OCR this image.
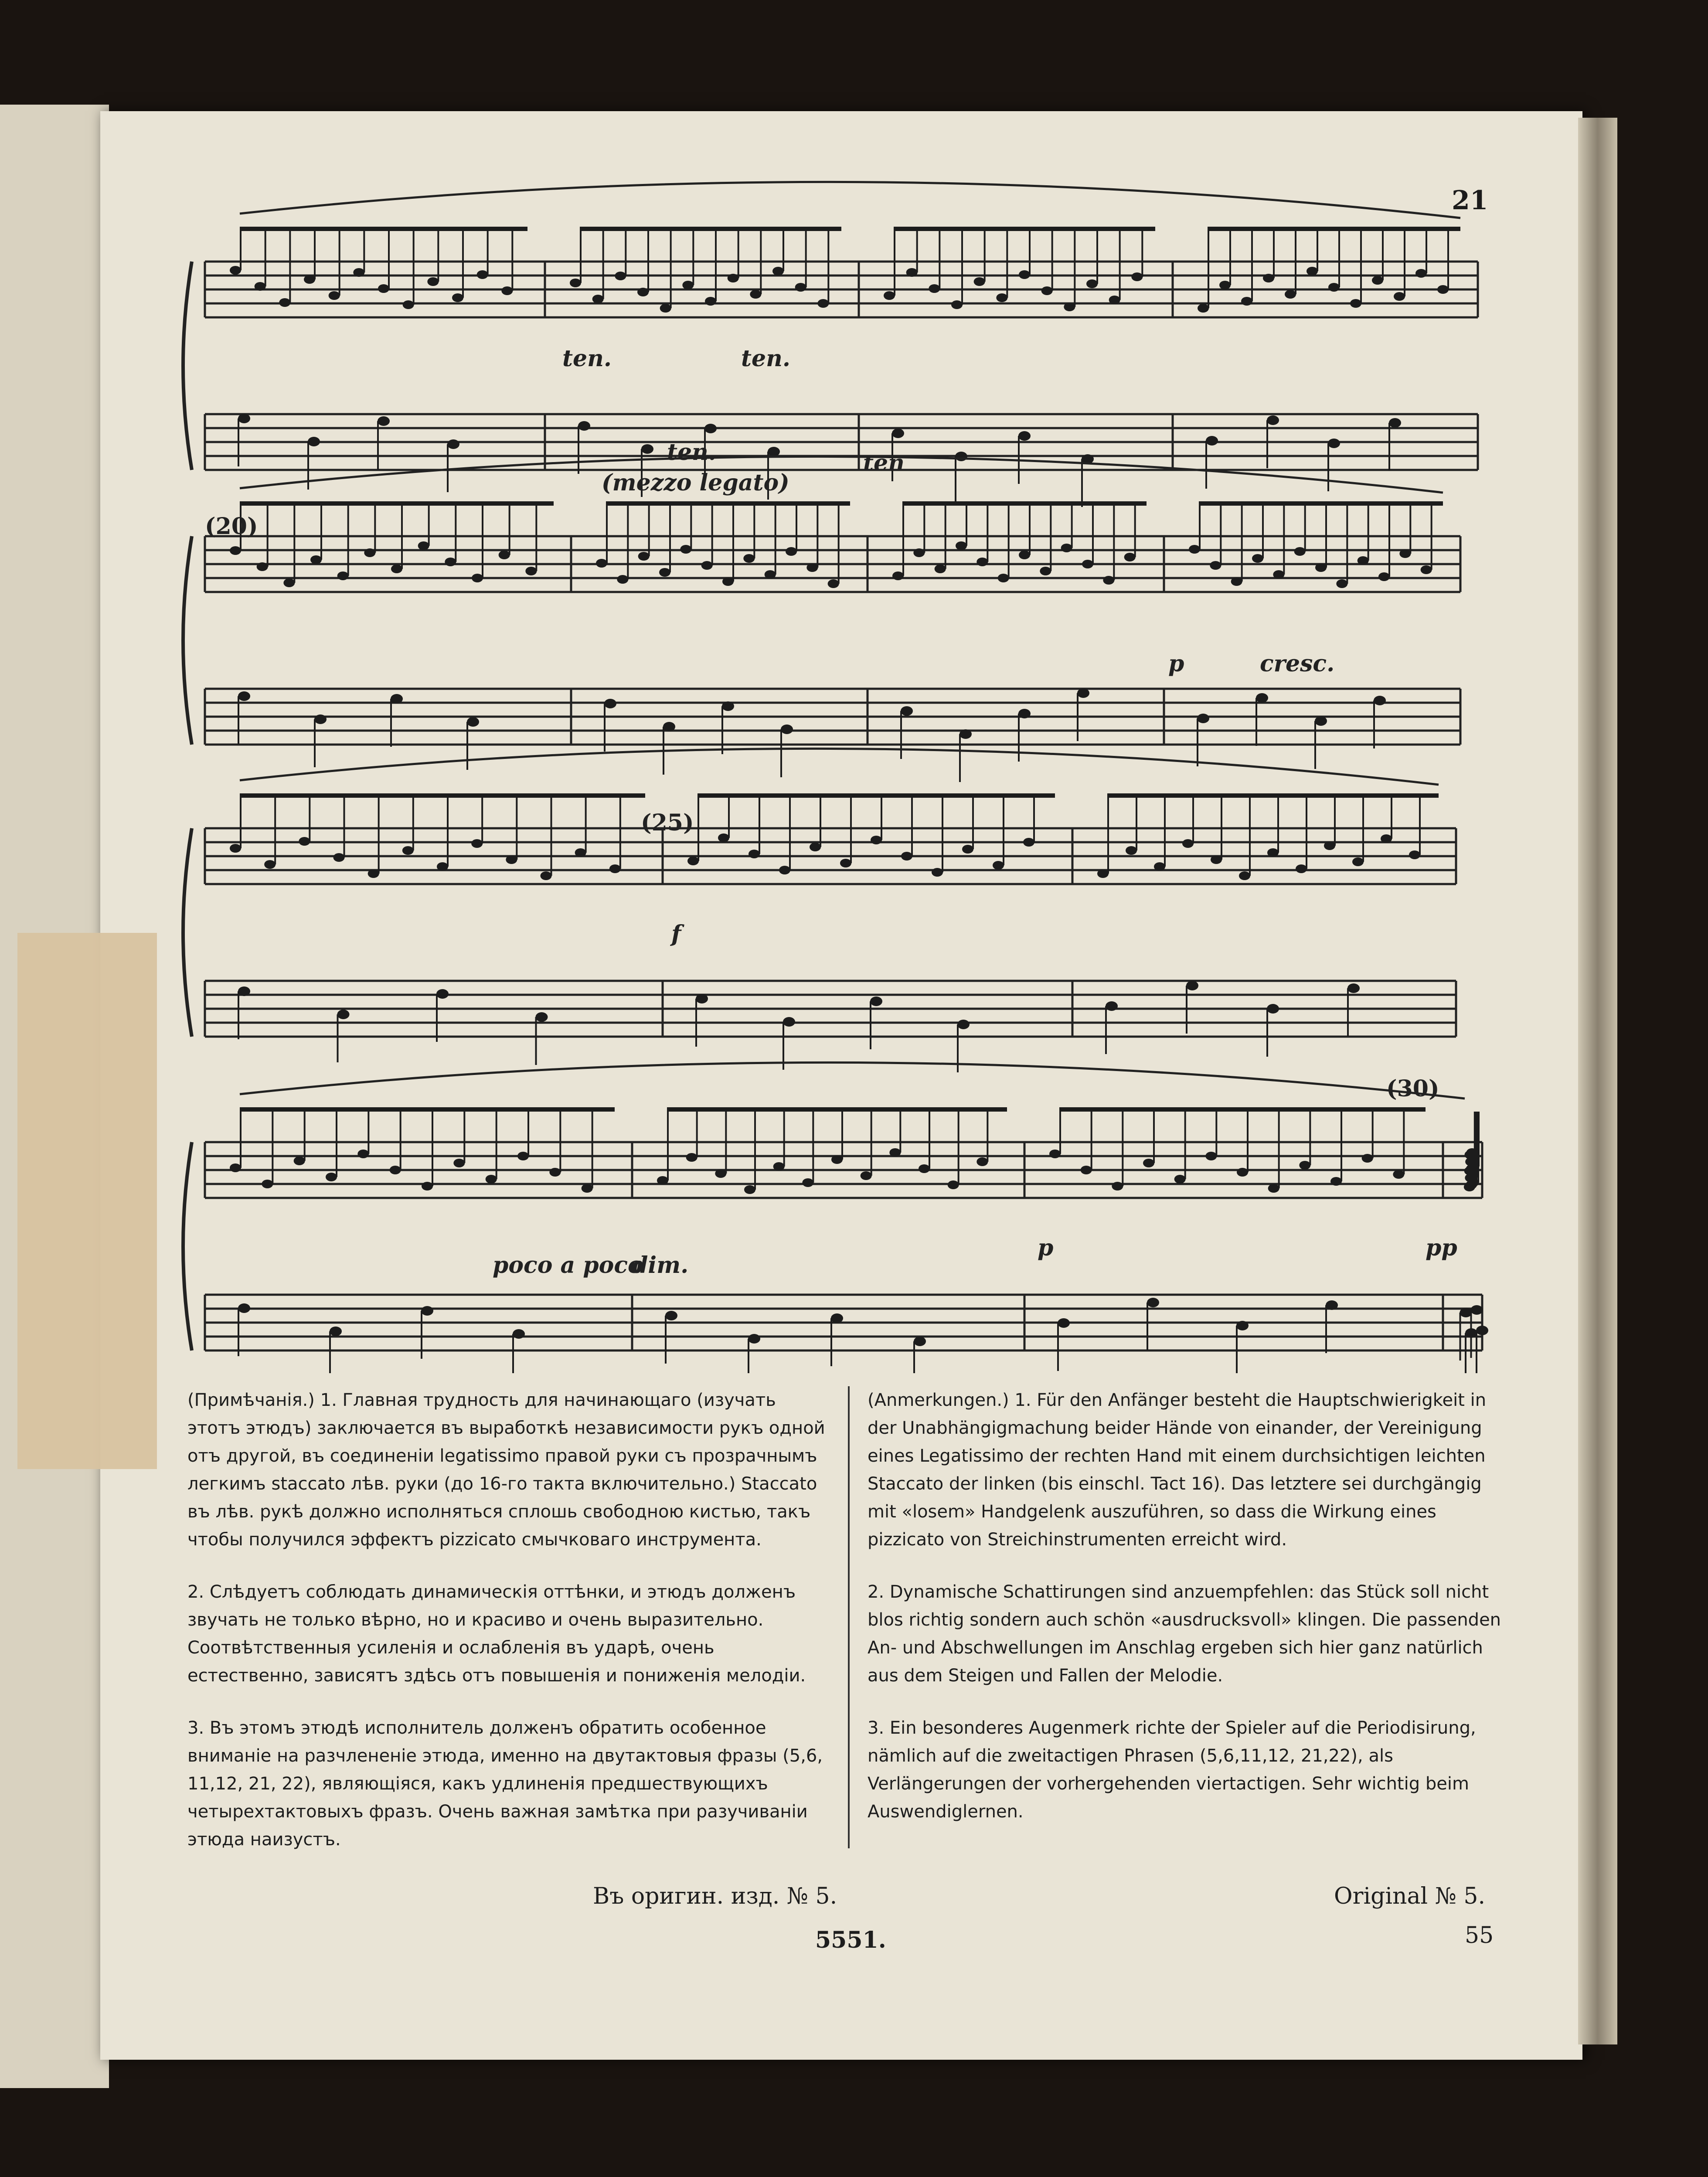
21
(20)
(25)
(30)
ten.	ten.
ten.
(mezzo legato)
ten
p	cresc.
f
poco a poco
dim.
p	pp

(Примѣчанія.) 1. Главная трудность для начинающаго (изучать этотъ этюдъ) заключается въ выработкѣ независимости рукъ одной отъ другой, въ соединеніи legatissimo правой руки съ прозрачнымъ легкимъ staccato лѣв. руки (до 16-го такта включительно.) Staccato въ лѣв. рукѣ должно исполняться сплошь свободною кистью, такъ чтобы получился эффектъ pizzicato смычковаго инструмента.

2. Слѣдуетъ соблюдать динамическія оттѣнки, и этюдъ долженъ звучать не только вѣрно, но и красиво и очень выразительно. Соотвѣтственныя усиленія и ослабленія въ ударѣ, очень естественно, зависятъ здѣсь отъ повышенія и пониженія мелодіи.

3. Въ этомъ этюдѣ исполнитель долженъ обратить особенное вниманіе на разчлененіе этюда, именно на двутактовыя фразы (5,6, 11,12, 21, 22), являющіяся, какъ удлиненія предшествующихъ четырехтактовыхъ фразъ. Очень важная замѣтка при разучиваніи этюда наизустъ.

(Anmerkungen.) 1. Für den Anfänger besteht die Hauptschwierigkeit in der Unabhängigmachung beider Hände von einander, der Vereinigung eines Legatissimo der rechten Hand mit einem durchsichtigen leichten Staccato der linken (bis einschl. Tact 16). Das letztere sei durchgängig mit «losem» Handgelenk auszuführen, so dass die Wirkung eines pizzicato von Streichinstrumenten erreicht wird.

2. Dynamische Schattirungen sind anzuempfehlen: das Stück soll nicht blos richtig sondern auch schön «ausdrucksvoll» klingen. Die passenden An- und Abschwellungen im Anschlag ergeben sich hier ganz natürlich aus dem Steigen und Fallen der Melodie.

3. Ein besonderes Augenmerk richte der Spieler auf die Periodisirung, nämlich auf die zweitactigen Phrasen (5,6,11,12, 21,22), als Verlängerungen der vorhergehenden viertactigen. Sehr wichtig beim Auswendiglernen.

Въ оригин. изд. № 5.
5551.
Original № 5.
55
